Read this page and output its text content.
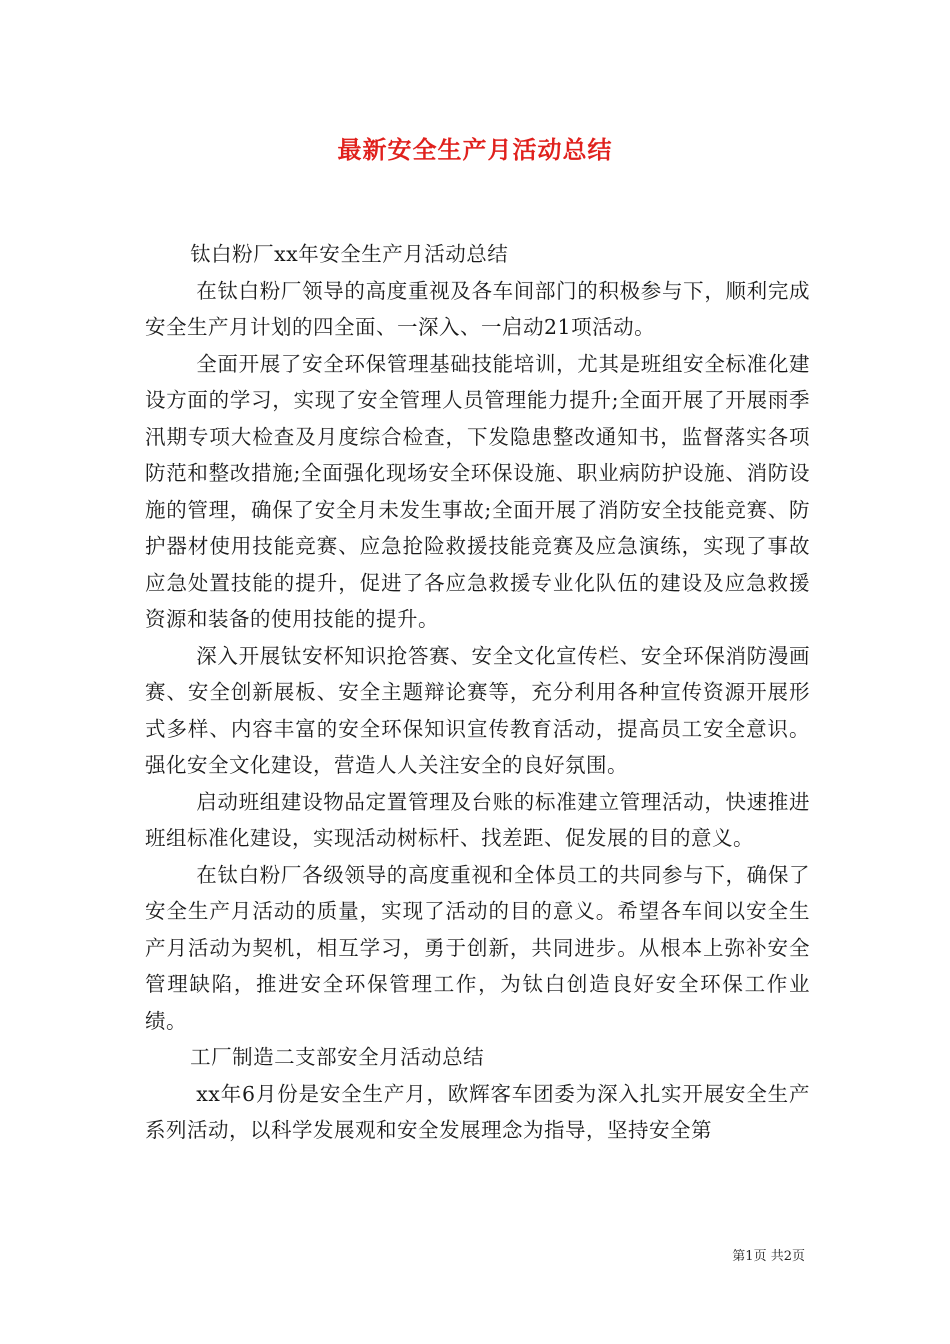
最新安全生产月活动总结

钛白粉厂xx年安全生产月活动总结

在钛白粉厂领导的高度重视及各车间部门的积极参与下，顺利完成安全生产月计划的四全面、一深入、一启动21项活动。

全面开展了安全环保管理基础技能培训，尤其是班组安全标准化建设方面的学习，实现了安全管理人员管理能力提升;全面开展了开展雨季汛期专项大检查及月度综合检查，下发隐患整改通知书，监督落实各项防范和整改措施;全面强化现场安全环保设施、职业病防护设施、消防设施的管理，确保了安全月未发生事故;全面开展了消防安全技能竞赛、防护器材使用技能竞赛、应急抢险救援技能竞赛及应急演练，实现了事故应急处置技能的提升，促进了各应急救援专业化队伍的建设及应急救援资源和装备的使用技能的提升。

深入开展钛安杯知识抢答赛、安全文化宣传栏、安全环保消防漫画赛、安全创新展板、安全主题辩论赛等，充分利用各种宣传资源开展形式多样、内容丰富的安全环保知识宣传教育活动，提高员工安全意识。强化安全文化建设，营造人人关注安全的良好氛围。

启动班组建设物品定置管理及台账的标准建立管理活动，快速推进班组标准化建设，实现活动树标杆、找差距、促发展的目的意义。

在钛白粉厂各级领导的高度重视和全体员工的共同参与下，确保了安全生产月活动的质量，实现了活动的目的意义。希望各车间以安全生产月活动为契机，相互学习，勇于创新，共同进步。从根本上弥补安全管理缺陷，推进安全环保管理工作，为钛白创造良好安全环保工作业绩。

工厂制造二支部安全月活动总结

xx年6月份是安全生产月，欧辉客车团委为深入扎实开展安全生产系列活动，以科学发展观和安全发展理念为指导，坚持安全第

第1页 共2页
